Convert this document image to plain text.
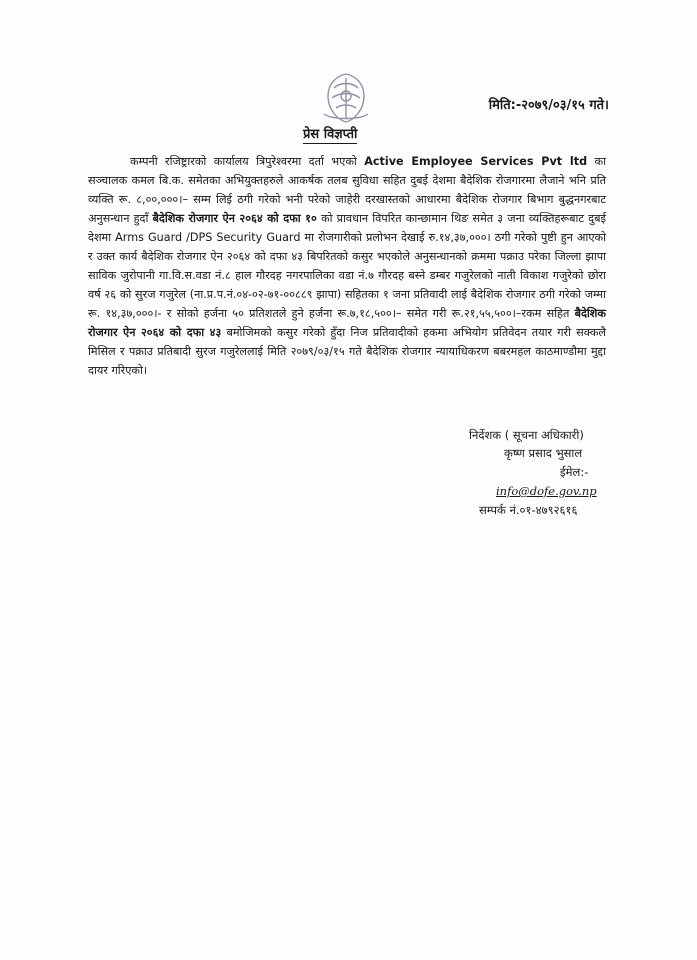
मिति:-२०७९/०३/१५ गते।
प्रेस विज्ञप्ती

कम्पनी रजिष्ट्रारको कार्यालय त्रिपुरेश्वरमा दर्ता भएको Active Employee Services Pvt ltd का सञ्चालक कमल बि.क. समेतका अभियुक्तहरुले आकर्षक तलब सुविधा सहित दुबई देशमा बैदेशिक रोजगारमा लैजाने भनि प्रति व्यक्ति रू. ८,००,०००।– सम्म लिई ठगी गरेको भनी परेको जाहेरी दरखास्तको आधारमा बैदेशिक रोजगार बिभाग बुद्धनगरबाट अनुसन्धान हुदाँ बैदेशिक रोजगार ऐन २०६४ को दफा १० को प्रावधान विपरित कान्छामान थिङ समेत ३ जना व्यक्तिहरूबाट दुबई देशमा Arms Guard /DPS Security Guard मा रोजगारीको प्रलोभन देखाई रु.१४,३७,०००। ठगी गरेको पुष्टी हुन आएको र उक्त कार्य बैदेशिक रोजगार ऐन २०६४ को दफा ४३ बिपरितको कसुर भएकोले अनुसन्धानको क्रममा पक्राउ परेका जिल्ला झापा साविक जुरोपानी गा.वि.स.वडा नं.८ हाल गौरदह नगरपालिका वडा नं.७ गौरदह बस्ने डम्बर गजुरेलको नाती विकाश गजुरेको छोरा वर्ष २६ को सुरज गजुरेल (ना.प्र.प.नं.०४-०२-७१-००८८९ झापा) सहितका १ जना प्रतिवादी लाई बैदेशिक रोजगार ठगी गरेको जम्मा रू. १४,३७,०००।- र सोको हर्जना ५० प्रतिशतले हुने हर्जना रू.७,१८,५००।– समेत गरी रू.२१,५५,५००।–रकम सहित बैदेशिक रोजगार ऐन २०६४ को दफा ४३ बमोजिमको कसुर गरेको हुँदा निज प्रतिवादीको हकमा अभियोग प्रतिवेदन तयार गरी सक्कलै मिसिल र पक्राउ प्रतिबादी सुरज गजुरेललाई मिति २०७९/०३/१५ गते बैदेशिक रोजगार न्यायाधिकरण बबरमहल काठमाण्डौमा मुद्दा दायर गरिएको।

निर्देशक ( सूचना अधिकारी)
कृष्ण प्रसाद भुसाल
ईमेल:-
info@dofe.gov.np
सम्पर्क नं.०१-४७९२६१६
